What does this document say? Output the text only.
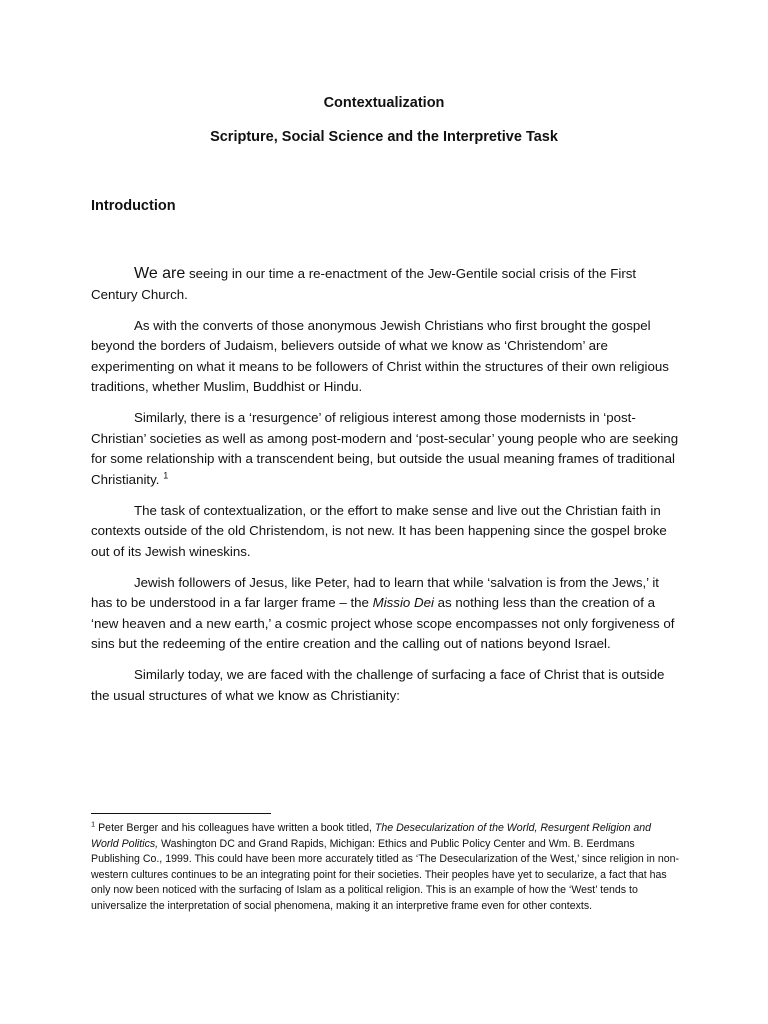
Contextualization
Scripture, Social Science and the Interpretive Task
Introduction

We are seeing in our time a re-enactment of the Jew-Gentile social crisis of the First Century Church.

As with the converts of those anonymous Jewish Christians who first brought the gospel beyond the borders of Judaism, believers outside of what we know as ‘Christendom’ are experimenting on what it means to be followers of Christ within the structures of their own religious traditions, whether Muslim, Buddhist or Hindu.

Similarly, there is a ‘resurgence’ of religious interest among those modernists in ‘post-Christian’ societies as well as among post-modern and ‘post-secular’ young people who are seeking for some relationship with a transcendent being, but outside the usual meaning frames of traditional Christianity. $^1$

The task of contextualization, or the effort to make sense and live out the Christian faith in contexts outside of the old Christendom, is not new. It has been happening since the gospel broke out of its Jewish wineskins.

Jewish followers of Jesus, like Peter, had to learn that while ‘salvation is from the Jews,’ it has to be understood in a far larger frame – the Missio Dei as nothing less than the creation of a ‘new heaven and a new earth,’ a cosmic project whose scope encompasses not only forgiveness of sins but the redeeming of the entire creation and the calling out of nations beyond Israel.

Similarly today, we are faced with the challenge of surfacing a face of Christ that is outside the usual structures of what we know as Christianity:

$^1$ Peter Berger and his colleagues have written a book titled, The Desecularization of the World, Resurgent Religion and World Politics, Washington DC and Grand Rapids, Michigan: Ethics and Public Policy Center and Wm. B. Eerdmans Publishing Co., 1999. This could have been more accurately titled as ‘The Desecularization of the West,’ since religion in non-western cultures continues to be an integrating point for their societies. Their peoples have yet to secularize, a fact that has only now been noticed with the surfacing of Islam as a political religion. This is an example of how the ‘West’ tends to universalize the interpretation of social phenomena, making it an interpretive frame even for other contexts.
